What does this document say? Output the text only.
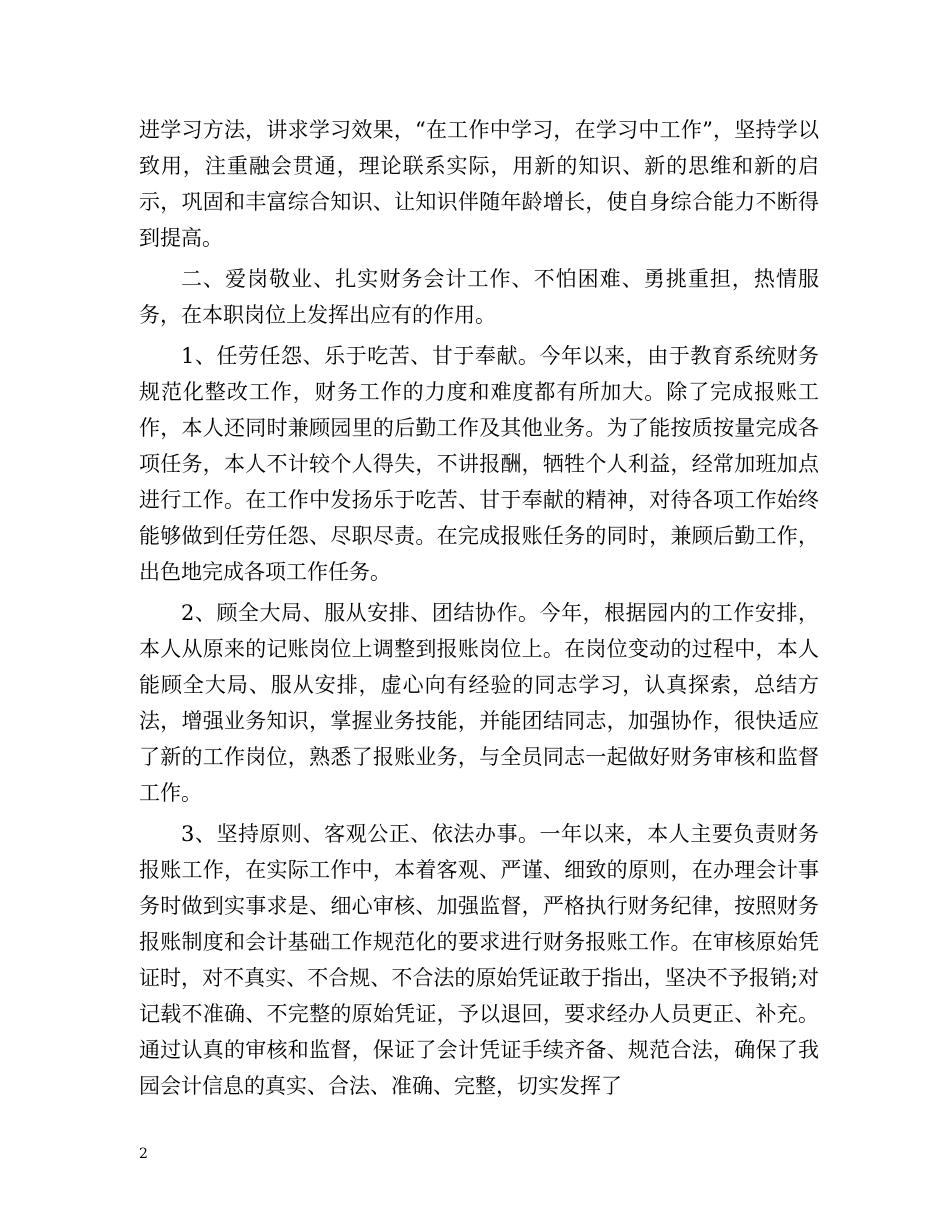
进学习方法，讲求学习效果，“在工作中学习，在学习中工作”，坚持学以致用，注重融会贯通，理论联系实际，用新的知识、新的思维和新的启示，巩固和丰富综合知识、让知识伴随年龄增长，使自身综合能力不断得到提高。

二、爱岗敬业、扎实财务会计工作、不怕困难、勇挑重担，热情服务，在本职岗位上发挥出应有的作用。

1、任劳任怨、乐于吃苦、甘于奉献。今年以来，由于教育系统财务规范化整改工作，财务工作的力度和难度都有所加大。除了完成报账工作，本人还同时兼顾园里的后勤工作及其他业务。为了能按质按量完成各项任务，本人不计较个人得失，不讲报酬，牺牲个人利益，经常加班加点进行工作。在工作中发扬乐于吃苦、甘于奉献的精神，对待各项工作始终能够做到任劳任怨、尽职尽责。在完成报账任务的同时，兼顾后勤工作，出色地完成各项工作任务。

2、顾全大局、服从安排、团结协作。今年，根据园内的工作安排，本人从原来的记账岗位上调整到报账岗位上。在岗位变动的过程中，本人能顾全大局、服从安排，虚心向有经验的同志学习，认真探索，总结方法，增强业务知识，掌握业务技能，并能团结同志，加强协作，很快适应了新的工作岗位，熟悉了报账业务，与全员同志一起做好财务审核和监督工作。

3、坚持原则、客观公正、依法办事。一年以来，本人主要负责财务报账工作，在实际工作中，本着客观、严谨、细致的原则，在办理会计事务时做到实事求是、细心审核、加强监督，严格执行财务纪律，按照财务报账制度和会计基础工作规范化的要求进行财务报账工作。在审核原始凭证时，对不真实、不合规、不合法的原始凭证敢于指出，坚决不予报销;对记载不准确、不完整的原始凭证，予以退回，要求经办人员更正、补充。通过认真的审核和监督，保证了会计凭证手续齐备、规范合法，确保了我园会计信息的真实、合法、准确、完整，切实发挥了

2
